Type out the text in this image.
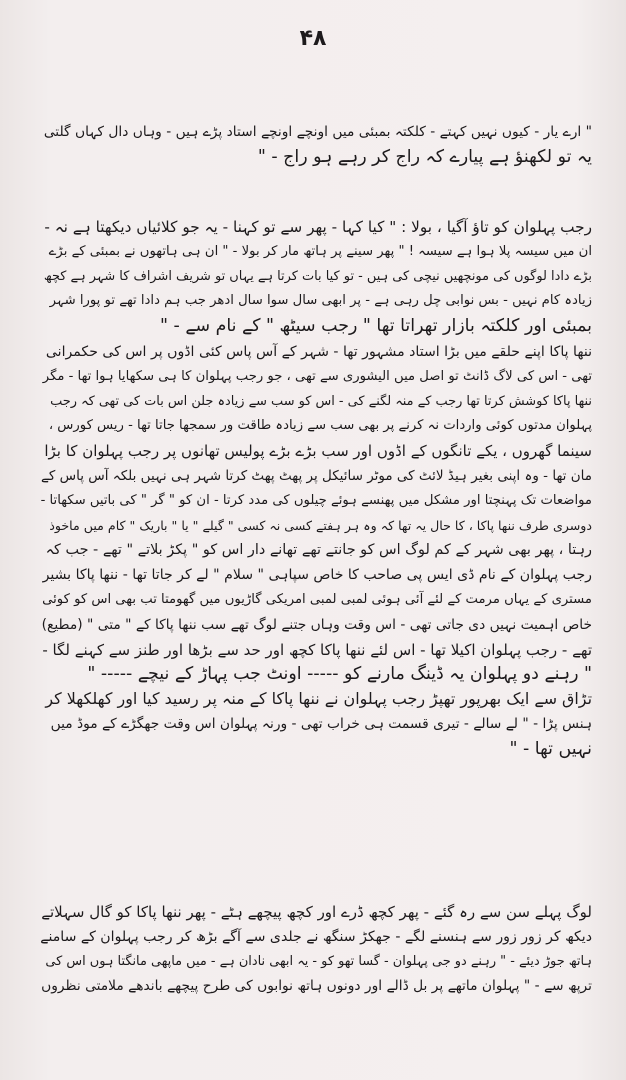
۴۸
" ارے یار - کیوں نہیں کہتے - کلکتہ بمبئی میں اونچے اونچے استاد پڑے ہیں - وہاں دال کہاں گلتی
یہ تو لکھنؤ ہے پیارے کہ راج کر رہے ہو راج - "
رجب پہلوان کو تاؤ آگیا ، بولا : " کیا کہا - پھر سے تو کہنا - یہ جو کلائیاں دیکھتا ہے نہ -
ان میں سیسہ پلا ہوا ہے سیسہ ! " پھر سینے پر ہاتھ مار کر بولا - " ان ہی ہاتھوں نے بمبئی کے بڑے
بڑے دادا لوگوں کی مونچھیں نیچی کی ہیں - تو کیا بات کرتا ہے یہاں تو شریف اشراف کا شہر ہے کچھ
زیادہ کام نہیں - بس نوابی چل رہی ہے - پر ابھی سال سوا سال ادھر جب ہم دادا تھے تو پورا شہر
بمبئی اور کلکتہ بازار تھراتا تھا " رجب سیٹھ " کے نام سے - "
ننھا پاکا اپنے حلقے میں بڑا استاد مشہور تھا - شہر کے آس پاس کئی اڈوں پر اس کی حکمرانی
تھی - اس کی لاگ ڈانٹ تو اصل میں الیشوری سے تھی ، جو رجب پہلوان کا ہی سکھایا ہوا تھا - مگر
ننھا پاکا کوشش کرتا تھا رجب کے منہ لگنے کی - اس کو سب سے زیادہ جلن اس بات کی تھی کہ رجب
پہلوان مدتوں کوئی واردات نہ کرنے پر بھی سب سے زیادہ طاقت ور سمجھا جاتا تھا - ریس کورس ،
سینما گھروں ، یکے تانگوں کے اڈوں اور سب بڑے بڑے پولیس تھانوں پر رجب پہلوان کا بڑا
مان تھا - وہ اپنی بغیر ہیڈ لائٹ کی موٹر سائیکل پر پھٹ پھٹ کرتا شہر ہی نہیں بلکہ آس پاس کے
مواضعات تک پہنچتا اور مشکل میں پھنسے ہوئے چیلوں کی مدد کرتا - ان کو " گر " کی باتیں سکھاتا -
دوسری طرف ننھا پاکا ، کا حال یہ تھا کہ وہ ہر ہفتے کسی نہ کسی " گیلے " یا " باریک " کام میں ماخوذ
رہتا ، پھر بھی شہر کے کم لوگ اس کو جانتے تھے تھانے دار اس کو " پکڑ بلاتے " تھے - جب کہ
رجب پہلوان کے نام ڈی ایس پی صاحب کا خاص سپاہی " سلام " لے کر جاتا تھا - ننھا پاکا بشیر
مستری کے یہاں مرمت کے لئے آئی ہوئی لمبی لمبی امریکی گاڑیوں میں گھومتا تب بھی اس کو کوئی
خاص اہمیت نہیں دی جاتی تھی - اس وقت وہاں جتنے لوگ تھے سب ننھا پاکا کے " متی " (مطیع)
تھے - رجب پہلوان اکیلا تھا - اس لئے ننھا پاکا کچھ اور حد سے بڑھا اور طنز سے کہنے لگا -
" رہنے دو پہلوان یہ ڈینگ مارنے کو ----- اونٹ جب پہاڑ کے نیچے ----- "
تڑاق سے ایک بھرپور تھپڑ رجب پہلوان نے ننھا پاکا کے منہ پر رسید کیا اور کھلکھلا کر
ہنس پڑا - " لے سالے - تیری قسمت ہی خراب تھی - ورنہ پہلوان اس وقت جھگڑے کے موڈ میں
نہیں تھا - "
لوگ پہلے سن سے رہ گئے - پھر کچھ ڈرے اور کچھ پیچھے ہٹے - پھر ننھا پاکا کو گال سہلاتے
دیکھ کر زور زور سے ہنسنے لگے - جھکڑ سنگھ نے جلدی سے آگے بڑھ کر رجب پہلوان کے سامنے
ہاتھ جوڑ دیئے - " رہنے دو جی پہلوان - گسا تھو کو - یہ ابھی نادان ہے - میں ماپھی مانگتا ہوں اس کی
ترپھ سے - " پہلوان ماتھے پر بل ڈالے اور دونوں ہاتھ نوابوں کی طرح پیچھے باندھے ملامتی نظروں
